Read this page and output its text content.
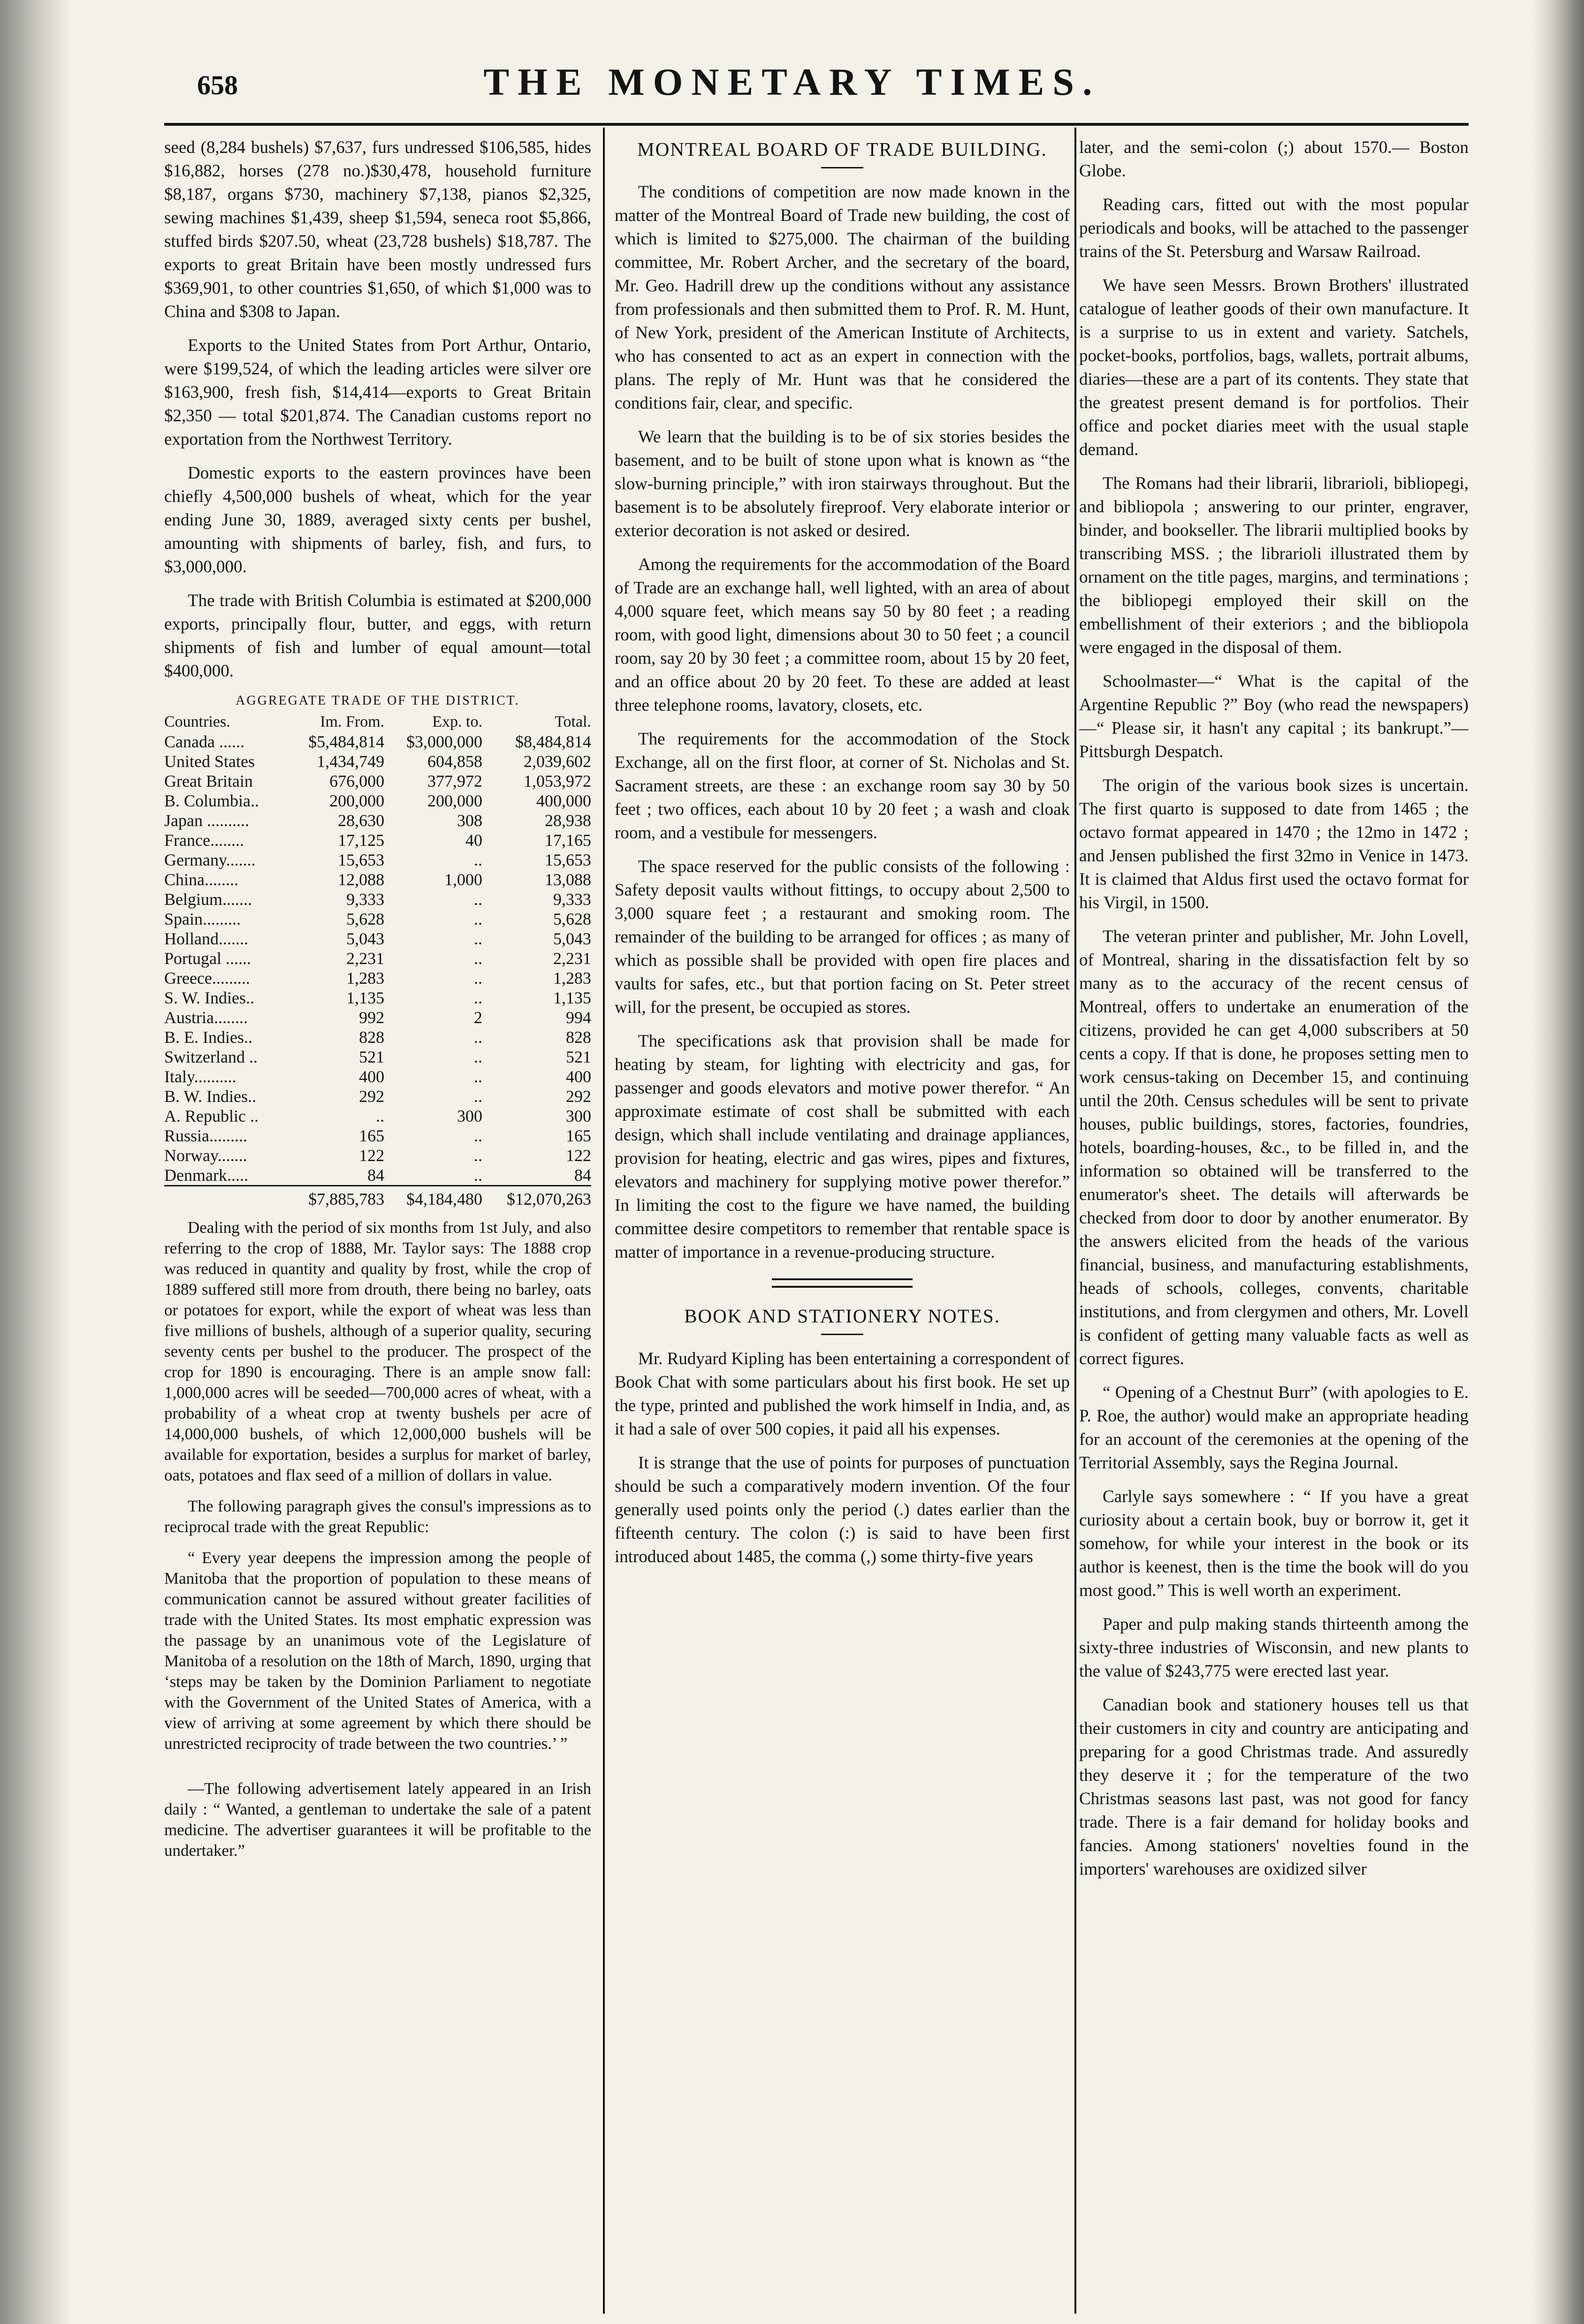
THE MONETARY TIMES.
658

seed (8,284 bushels) $7,637, furs undressed $106,585, hides $16,882, horses (278 no.)$30,478, household furniture $8,187, organs $730, machinery $7,138, pianos $2,325, sewing machines $1,439, sheep $1,594, seneca root $5,866, stuffed birds $207.50, wheat (23,728 bushels) $18,787. The exports to great Britain have been mostly undressed furs $369,901, to other countries $1,650, of which $1,000 was to China and $308 to Japan.

Exports to the United States from Port Arthur, Ontario, were $199,524, of which the leading articles were silver ore $163,900, fresh fish, $14,414—exports to Great Britain $2,350 — total $201,874. The Canadian customs report no exportation from the Northwest Territory.

Domestic exports to the eastern provinces have been chiefly 4,500,000 bushels of wheat, which for the year ending June 30, 1889, averaged sixty cents per bushel, amounting with shipments of barley, fish, and furs, to $3,000,000.

The trade with British Columbia is estimated at $200,000 exports, principally flour, butter, and eggs, with return shipments of fish and lumber of equal amount—total $400,000.

AGGREGATE TRADE OF THE DISTRICT.
Countries.	Im. From.	Exp. to.	Total.
Canada ......	$5,484,814	$3,000,000	$8,484,814
United States	1,434,749	604,858	2,039,602
Great Britain	676,000	377,972	1,053,972
B. Columbia..	200,000	200,000	400,000
Japan ..........	28,630	308	28,938
France........	17,125	40	17,165
Germany.......	15,653	..	15,653
China........	12,088	1,000	13,088
Belgium.......	9,333	..	9,333
Spain.........	5,628	..	5,628
Holland.......	5,043	..	5,043
Portugal ......	2,231	..	2,231
Greece.........	1,283	..	1,283
S. W. Indies..	1,135	..	1,135
Austria........	992	2	994
B. E. Indies..	828	..	828
Switzerland ..	521	..	521
Italy..........	400	..	400
B. W. Indies..	292	..	292
A. Republic ..	..	300	300
Russia.........	165	..	165
Norway.......	122	..	122
Denmark.....	84	..	84
	$7,885,783	$4,184,480	$12,070,263

Dealing with the period of six months from 1st July, and also referring to the crop of 1888, Mr. Taylor says: The 1888 crop was reduced in quantity and quality by frost, while the crop of 1889 suffered still more from drouth, there being no barley, oats or potatoes for export, while the export of wheat was less than five millions of bushels, although of a superior quality, securing seventy cents per bushel to the producer. The prospect of the crop for 1890 is encouraging. There is an ample snow fall: 1,000,000 acres will be seeded—700,000 acres of wheat, with a probability of a wheat crop at twenty bushels per acre of 14,000,000 bushels, of which 12,000,000 bushels will be available for exportation, besides a surplus for market of barley, oats, potatoes and flax seed of a million of dollars in value.

The following paragraph gives the consul's impressions as to reciprocal trade with the great Republic:

“ Every year deepens the impression among the people of Manitoba that the proportion of population to these means of communication cannot be assured without greater facilities of trade with the United States. Its most emphatic expression was the passage by an unanimous vote of the Legislature of Manitoba of a resolution on the 18th of March, 1890, urging that ‘steps may be taken by the Dominion Parliament to negotiate with the Government of the United States of America, with a view of arriving at some agreement by which there should be unrestricted reciprocity of trade between the two countries.’ ”

—The following advertisement lately appeared in an Irish daily : “ Wanted, a gentleman to undertake the sale of a patent medicine. The advertiser guarantees it will be profitable to the undertaker.”

MONTREAL BOARD OF TRADE BUILDING.

The conditions of competition are now made known in the matter of the Montreal Board of Trade new building, the cost of which is limited to $275,000. The chairman of the building committee, Mr. Robert Archer, and the secretary of the board, Mr. Geo. Hadrill drew up the conditions without any assistance from professionals and then submitted them to Prof. R. M. Hunt, of New York, president of the American Institute of Architects, who has consented to act as an expert in connection with the plans. The reply of Mr. Hunt was that he considered the conditions fair, clear, and specific.

We learn that the building is to be of six stories besides the basement, and to be built of stone upon what is known as “the slow-burning principle,” with iron stairways throughout. But the basement is to be absolutely fireproof. Very elaborate interior or exterior decoration is not asked or desired.

Among the requirements for the accommodation of the Board of Trade are an exchange hall, well lighted, with an area of about 4,000 square feet, which means say 50 by 80 feet ; a reading room, with good light, dimensions about 30 to 50 feet ; a council room, say 20 by 30 feet ; a committee room, about 15 by 20 feet, and an office about 20 by 20 feet. To these are added at least three telephone rooms, lavatory, closets, etc.

The requirements for the accommodation of the Stock Exchange, all on the first floor, at corner of St. Nicholas and St. Sacrament streets, are these : an exchange room say 30 by 50 feet ; two offices, each about 10 by 20 feet ; a wash and cloak room, and a vestibule for messengers.

The space reserved for the public consists of the following : Safety deposit vaults without fittings, to occupy about 2,500 to 3,000 square feet ; a restaurant and smoking room. The remainder of the building to be arranged for offices ; as many of which as possible shall be provided with open fire places and vaults for safes, etc., but that portion facing on St. Peter street will, for the present, be occupied as stores.

The specifications ask that provision shall be made for heating by steam, for lighting with electricity and gas, for passenger and goods elevators and motive power therefor. “ An approximate estimate of cost shall be submitted with each design, which shall include ventilating and drainage appliances, provision for heating, electric and gas wires, pipes and fixtures, elevators and machinery for supplying motive power therefor.” In limiting the cost to the figure we have named, the building committee desire competitors to remember that rentable space is matter of importance in a revenue-producing structure.

BOOK AND STATIONERY NOTES.

Mr. Rudyard Kipling has been entertaining a correspondent of Book Chat with some particulars about his first book. He set up the type, printed and published the work himself in India, and, as it had a sale of over 500 copies, it paid all his expenses.

It is strange that the use of points for purposes of punctuation should be such a comparatively modern invention. Of the four generally used points only the period (.) dates earlier than the fifteenth century. The colon (:) is said to have been first introduced about 1485, the comma (,) some thirty-five years

later, and the semi-colon (;) about 1570.— Boston Globe.

Reading cars, fitted out with the most popular periodicals and books, will be attached to the passenger trains of the St. Petersburg and Warsaw Railroad.

We have seen Messrs. Brown Brothers' illustrated catalogue of leather goods of their own manufacture. It is a surprise to us in extent and variety. Satchels, pocket-books, portfolios, bags, wallets, portrait albums, diaries—these are a part of its contents. They state that the greatest present demand is for portfolios. Their office and pocket diaries meet with the usual staple demand.

The Romans had their librarii, librarioli, bibliopegi, and bibliopola ; answering to our printer, engraver, binder, and bookseller. The librarii multiplied books by transcribing MSS. ; the librarioli illustrated them by ornament on the title pages, margins, and terminations ; the bibliopegi employed their skill on the embellishment of their exteriors ; and the bibliopola were engaged in the disposal of them.

Schoolmaster—“ What is the capital of the Argentine Republic ?” Boy (who read the newspapers)—“ Please sir, it hasn't any capital ; its bankrupt.”—Pittsburgh Despatch.

The origin of the various book sizes is uncertain. The first quarto is supposed to date from 1465 ; the octavo format appeared in 1470 ; the 12mo in 1472 ; and Jensen published the first 32mo in Venice in 1473. It is claimed that Aldus first used the octavo format for his Virgil, in 1500.

The veteran printer and publisher, Mr. John Lovell, of Montreal, sharing in the dissatisfaction felt by so many as to the accuracy of the recent census of Montreal, offers to undertake an enumeration of the citizens, provided he can get 4,000 subscribers at 50 cents a copy. If that is done, he proposes setting men to work census-taking on December 15, and continuing until the 20th. Census schedules will be sent to private houses, public buildings, stores, factories, foundries, hotels, boarding-houses, &c., to be filled in, and the information so obtained will be transferred to the enumerator's sheet. The details will afterwards be checked from door to door by another enumerator. By the answers elicited from the heads of the various financial, business, and manufacturing establishments, heads of schools, colleges, convents, charitable institutions, and from clergymen and others, Mr. Lovell is confident of getting many valuable facts as well as correct figures.

“ Opening of a Chestnut Burr” (with apologies to E. P. Roe, the author) would make an appropriate heading for an account of the ceremonies at the opening of the Territorial Assembly, says the Regina Journal.

Carlyle says somewhere : “ If you have a great curiosity about a certain book, buy or borrow it, get it somehow, for while your interest in the book or its author is keenest, then is the time the book will do you most good.” This is well worth an experiment.

Paper and pulp making stands thirteenth among the sixty-three industries of Wisconsin, and new plants to the value of $243,775 were erected last year.

Canadian book and stationery houses tell us that their customers in city and country are anticipating and preparing for a good Christmas trade. And assuredly they deserve it ; for the temperature of the two Christmas seasons last past, was not good for fancy trade. There is a fair demand for holiday books and fancies. Among stationers' novelties found in the importers' warehouses are oxidized silver
